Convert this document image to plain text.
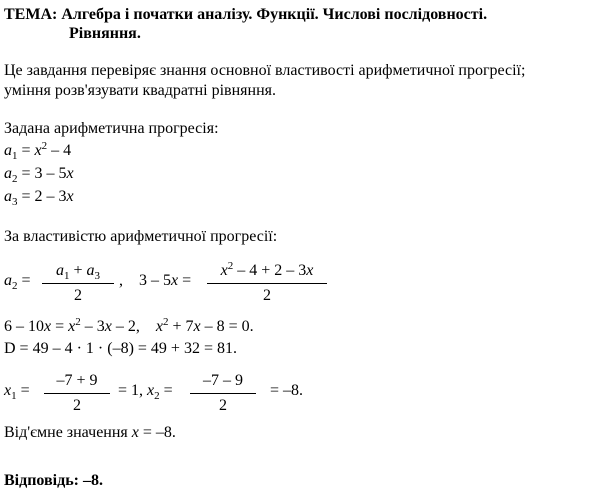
ТЕМА: Алгебра і початки аналізу. Функції. Числові послідовності.
Рівняння.
Це завдання перевіряє знання основної властивості арифметичної прогресії;
уміння розв'язувати квадратні рівняння.
Задана арифметична прогресія:
$a_1 = x^2 - 4$
$a_2 = 3 - 5x$
$a_3 = 2 - 3x$
За властивістю арифметичної прогресії:
$a_2$ =
$a_1 + a_3$
2
, 3 – 5x =
$x^2 - 4 + 2 - 3x$
2
$6 - 10x = x^2 - 3x - 2$, $x^2 + 7x - 8 = 0$.
D = 49 – 4 · 1 · (–8) = 49 + 32 = 81.
$x_1$ =
–7 + 9
2
= 1, $x_2$ =
–7 – 9
2
= –8.
Від'ємне значення x = –8.
Відповідь: –8.
